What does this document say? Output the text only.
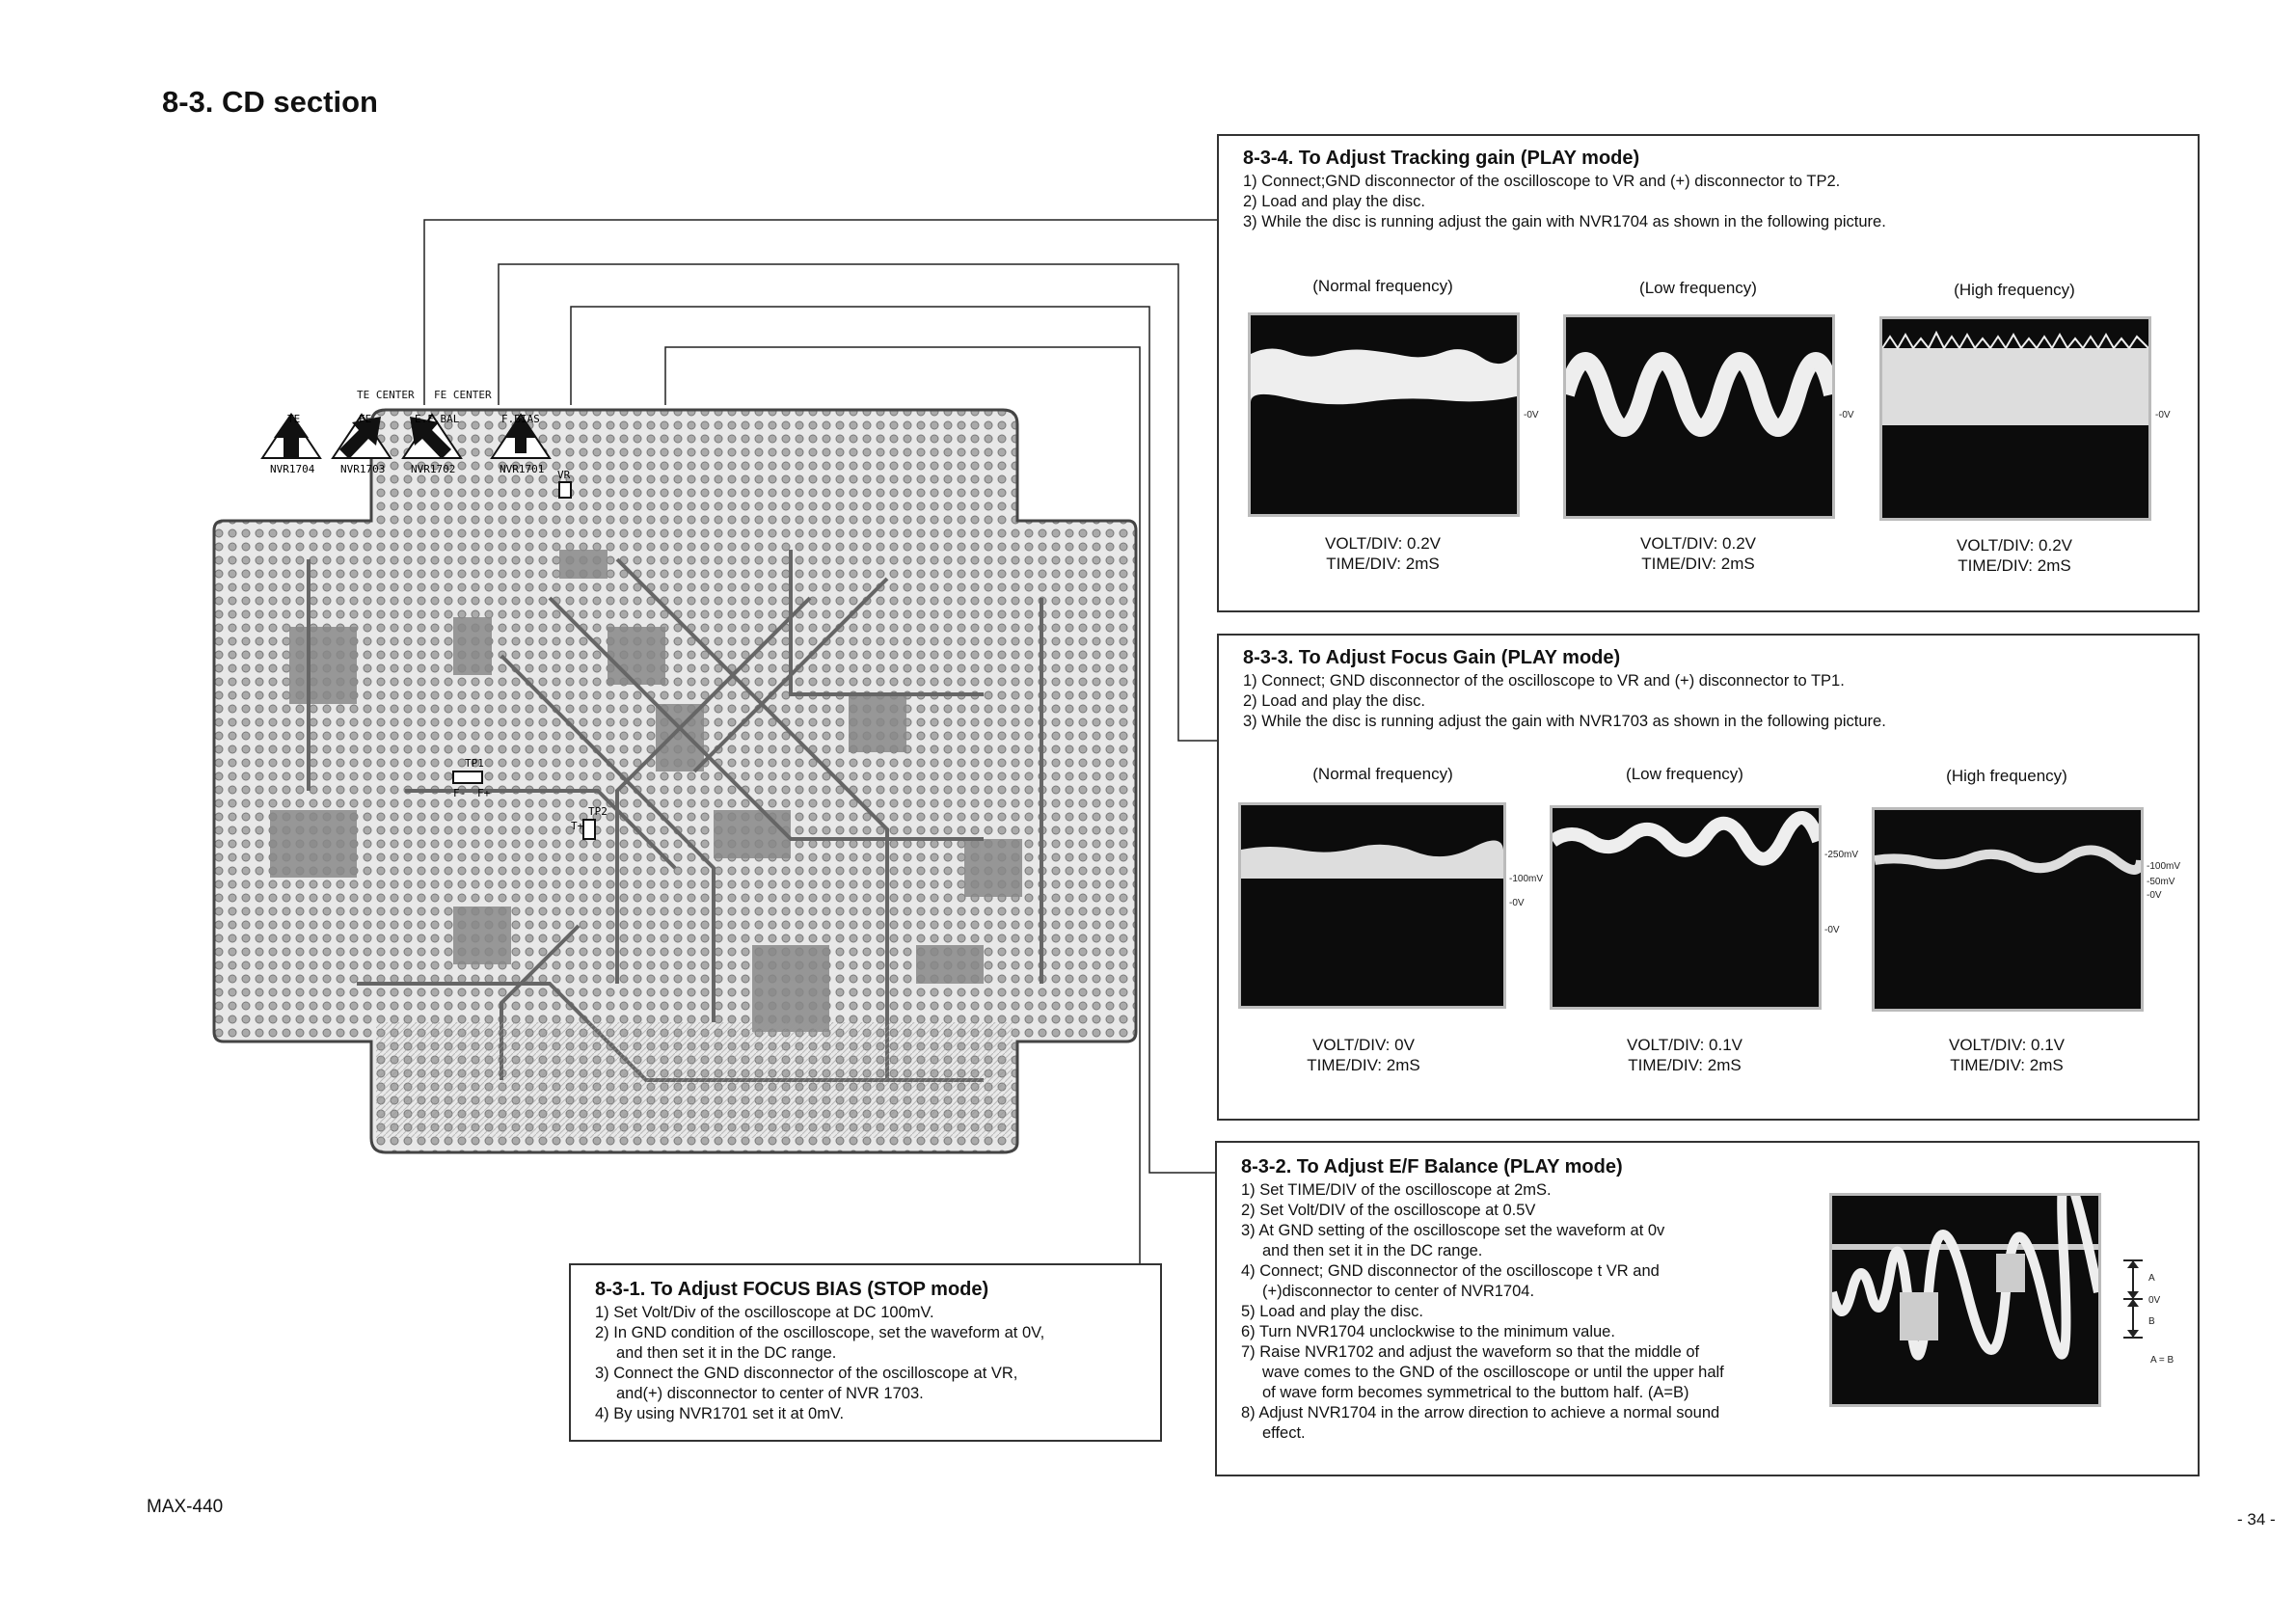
8-3. CD section
NVR1704 NVR1703 NVR1702	NVR1701
TE	FE	E.F.BAL	F.BIAS
VR
TP1
F- F+
TP2
T+
TE CENTER FE CENTER
8-3-4. To Adjust Tracking gain (PLAY mode)
1) Connect;GND disconnector of the oscilloscope to VR and (+) disconnector to TP2.
2) Load and play the disc.
3) While the disc is running adjust the gain with NVR1704 as shown in the following picture.
(Normal frequency)	(Low frequency)	(High frequency)
-0V	-0V	-0V
VOLT/DIV: 0.2V
TIME/DIV: 2mS
VOLT/DIV: 0.2V
TIME/DIV: 2mS
VOLT/DIV: 0.2V
TIME/DIV: 2mS
8-3-3. To Adjust Focus Gain (PLAY mode)
1) Connect; GND disconnector of the oscilloscope to VR and (+) disconnector to TP1.
2) Load and play the disc.
3) While the disc is running adjust the gain with NVR1703 as shown in the following picture.
(Normal frequency)	(Low frequency)	(High frequency)
-100mV
-0V
-250mV
-0V
-100mV
-50mV
-0V
VOLT/DIV: 0V
TIME/DIV: 2mS
VOLT/DIV: 0.1V
TIME/DIV: 2mS
VOLT/DIV: 0.1V
TIME/DIV: 2mS
8-3-2. To Adjust E/F Balance (PLAY mode)
1) Set TIME/DIV of the oscilloscope at 2mS.
2) Set Volt/DIV of the oscilloscope at 0.5V
3) At GND setting of the oscilloscope set the waveform at 0v
and then set it in the DC range.
4) Connect; GND disconnector of the oscilloscope t VR and
(+)disconnector to center of NVR1704.
5) Load and play the disc.
6) Turn NVR1704 unclockwise to the minimum value.
7) Raise NVR1702 and adjust the waveform so that the middle of
wave comes to the GND of the oscilloscope or until the upper half
of wave form becomes symmetrical to the buttom half. (A=B)
8) Adjust NVR1704 in the arrow direction to achieve a normal sound
effect.
A
0V
B
A = B
8-3-1. To Adjust FOCUS BIAS (STOP mode)
1) Set Volt/Div of the oscilloscope at DC 100mV.
2) In GND condition of the oscilloscope, set the waveform at 0V,
and then set it in the DC range.
3) Connect the GND disconnector of the oscilloscope at VR,
and(+) disconnector to center of NVR 1703.
4) By using NVR1701 set it at 0mV.
MAX-440
- 34 -
